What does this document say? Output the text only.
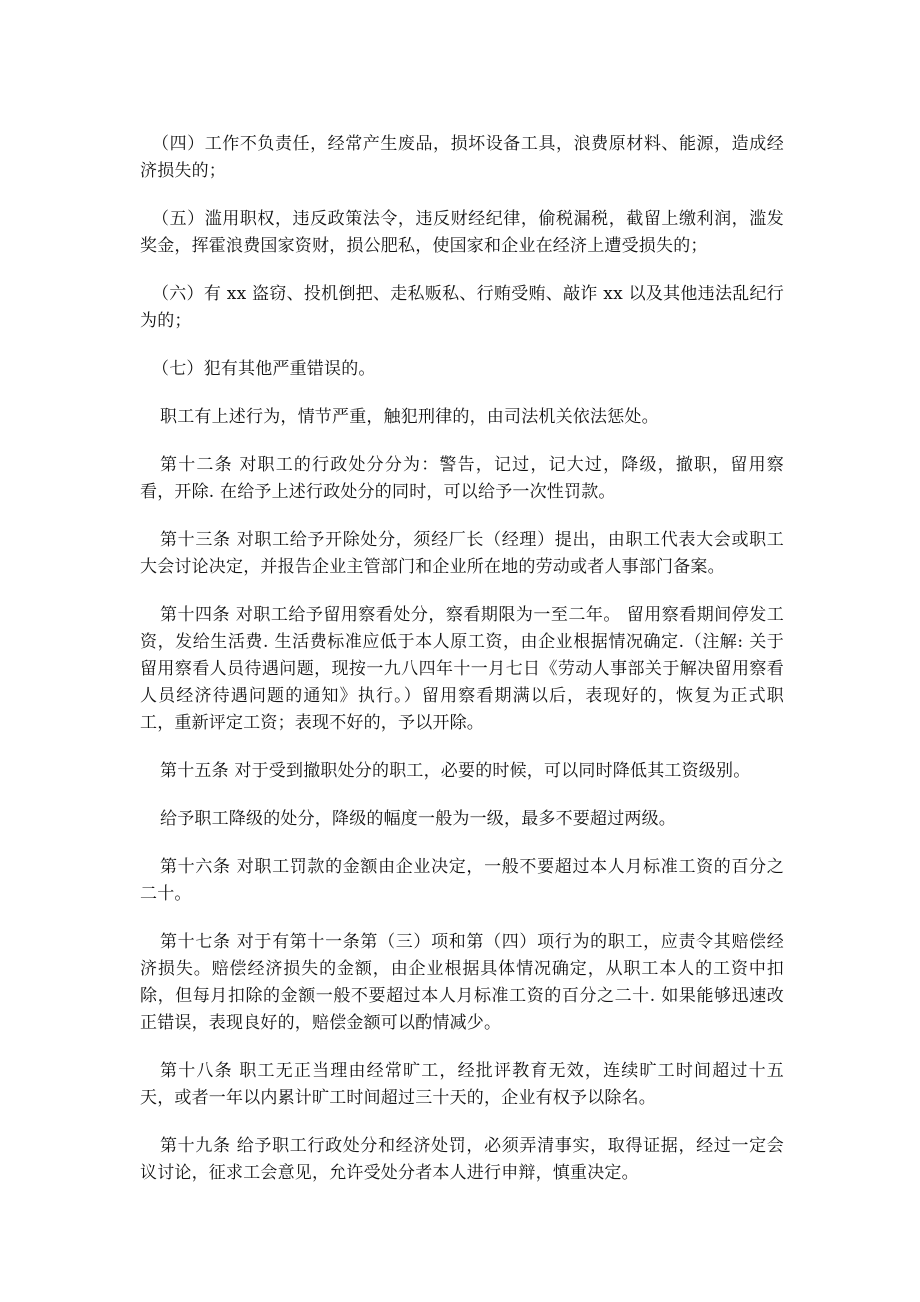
（四）工作不负责任，经常产生废品，损坏设备工具，浪费原材料、能源，造成经济损失的；

（五）滥用职权，违反政策法令，违反财经纪律，偷税漏税，截留上缴利润，滥发奖金，挥霍浪费国家资财，损公肥私，使国家和企业在经济上遭受损失的；

（六）有 xx 盗窃、投机倒把、走私贩私、行贿受贿、敲诈 xx 以及其他违法乱纪行为的；

（七）犯有其他严重错误的。

职工有上述行为，情节严重，触犯刑律的，由司法机关依法惩处。

第十二条 对职工的行政处分分为：警告，记过，记大过，降级，撤职，留用察看，开除. 在给予上述行政处分的同时，可以给予一次性罚款。

第十三条 对职工给予开除处分，须经厂长（经理）提出，由职工代表大会或职工大会讨论决定，并报告企业主管部门和企业所在地的劳动或者人事部门备案。

第十四条 对职工给予留用察看处分，察看期限为一至二年。 留用察看期间停发工资，发给生活费. 生活费标准应低于本人原工资，由企业根据情况确定.（注解: 关于留用察看人员待遇问题，现按一九八四年十一月七日《劳动人事部关于解决留用察看人员经济待遇问题的通知》执行。）留用察看期满以后，表现好的，恢复为正式职工，重新评定工资；表现不好的，予以开除。

第十五条 对于受到撤职处分的职工，必要的时候，可以同时降低其工资级别。

给予职工降级的处分，降级的幅度一般为一级，最多不要超过两级。

第十六条 对职工罚款的金额由企业决定，一般不要超过本人月标准工资的百分之二十。

第十七条 对于有第十一条第（三）项和第（四）项行为的职工，应责令其赔偿经济损失。赔偿经济损失的金额，由企业根据具体情况确定，从职工本人的工资中扣除，但每月扣除的金额一般不要超过本人月标准工资的百分之二十. 如果能够迅速改正错误，表现良好的，赔偿金额可以酌情减少。

第十八条 职工无正当理由经常旷工，经批评教育无效，连续旷工时间超过十五天，或者一年以内累计旷工时间超过三十天的，企业有权予以除名。

第十九条 给予职工行政处分和经济处罚，必须弄清事实，取得证据，经过一定会议讨论，征求工会意见，允许受处分者本人进行申辩，慎重决定。
